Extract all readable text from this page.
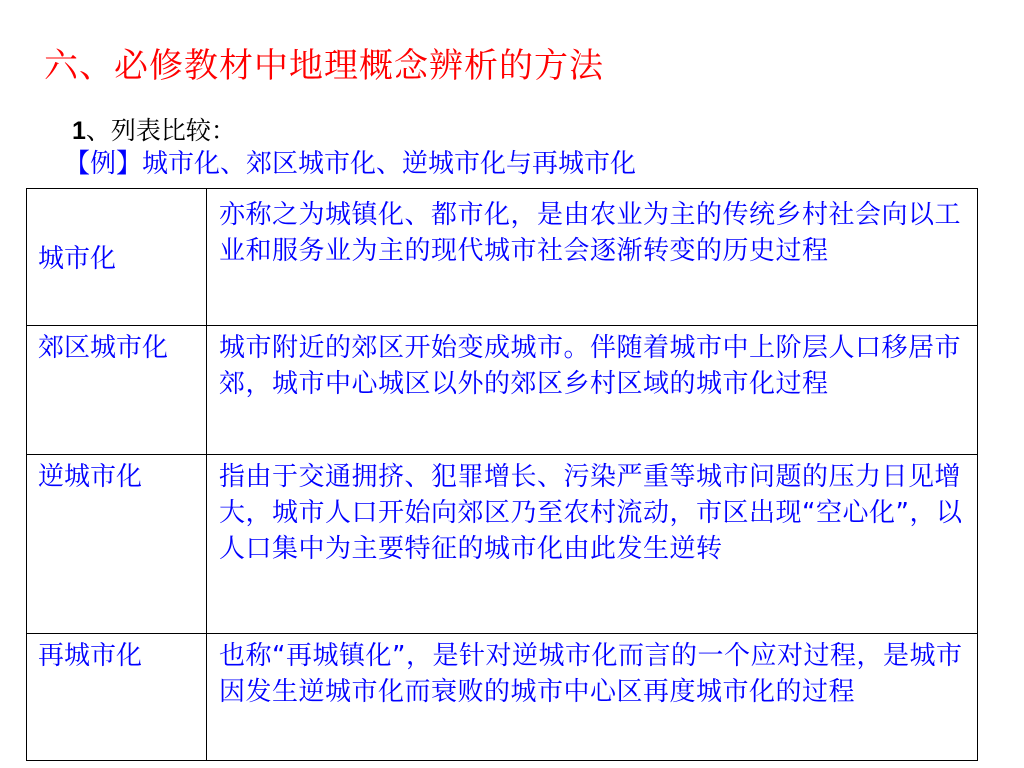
六、必修教材中地理概念辨析的方法
1、列表比较：
【例】城市化、郊区城市化、逆城市化与再城市化
城市化	亦称之为城镇化、都市化，是由农业为主的传统乡村社会向以工业和服务业为主的现代城市社会逐渐转变的历史过程
郊区城市化	城市附近的郊区开始变成城市。伴随着城市中上阶层人口移居市郊，城市中心城区以外的郊区乡村区域的城市化过程
逆城市化	指由于交通拥挤、犯罪增长、污染严重等城市问题的压力日见增大，城市人口开始向郊区乃至农村流动，市区出现“空心化”，以人口集中为主要特征的城市化由此发生逆转
再城市化	也称“再城镇化”，是针对逆城市化而言的一个应对过程，是城市因发生逆城市化而衰败的城市中心区再度城市化的过程
